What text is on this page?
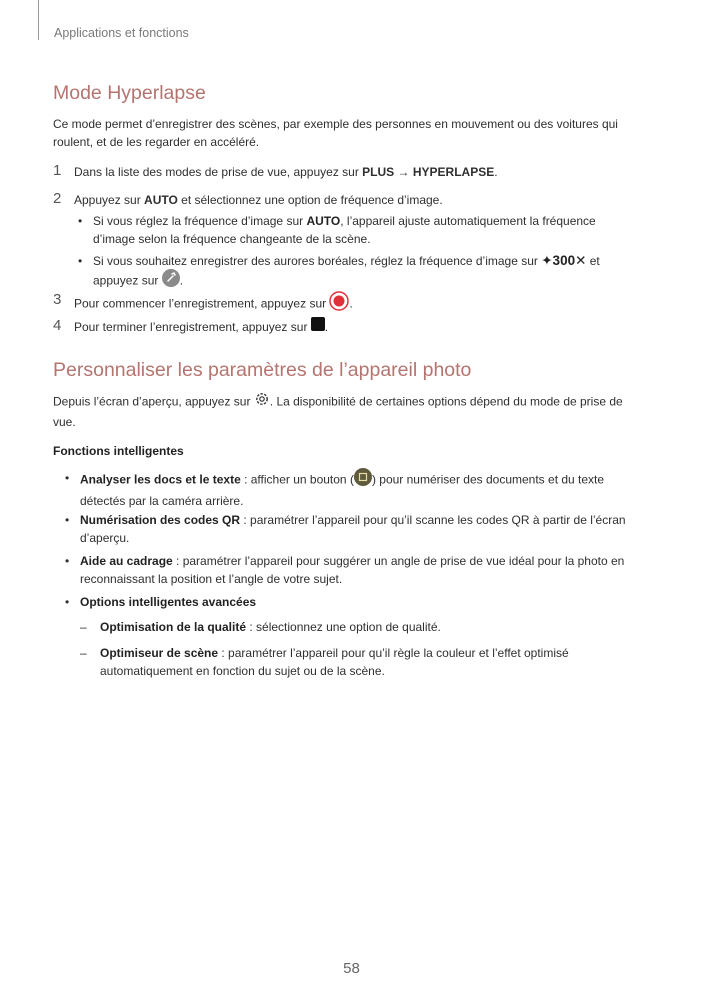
Applications et fonctions
Mode Hyperlapse
Ce mode permet d’enregistrer des scènes, par exemple des personnes en mouvement ou des voitures qui
roulent, et de les regarder en accéléré.
1 Dans la liste des modes de prise de vue, appuyez sur PLUS → HYPERLAPSE.
2 Appuyez sur AUTO et sélectionnez une option de fréquence d’image.
• Si vous réglez la fréquence d’image sur AUTO, l’appareil ajuste automatiquement la fréquence
d’image selon la fréquence changeante de la scène.
• Si vous souhaitez enregistrer des aurores boréales, réglez la fréquence d’image sur ✦300✕ et
appuyez sur .
3 Pour commencer l’enregistrement, appuyez sur .
4 Pour terminer l’enregistrement, appuyez sur .
Personnaliser les paramètres de l’appareil photo
Depuis l’écran d’aperçu, appuyez sur . La disponibilité de certaines options dépend du mode de prise de
vue.
Fonctions intelligentes
• Analyser les docs et le texte : afficher un bouton ( ) pour numériser des documents et du texte
détectés par la caméra arrière.
• Numérisation des codes QR : paramétrer l’appareil pour qu’il scanne les codes QR à partir de l’écran
d’aperçu.
• Aide au cadrage : paramétrer l’appareil pour suggérer un angle de prise de vue idéal pour la photo en
reconnaissant la position et l’angle de votre sujet.
• Options intelligentes avancées
– Optimisation de la qualité : sélectionnez une option de qualité.
– Optimiseur de scène : paramétrer l’appareil pour qu’il règle la couleur et l’effet optimisé
automatiquement en fonction du sujet ou de la scène.
58
